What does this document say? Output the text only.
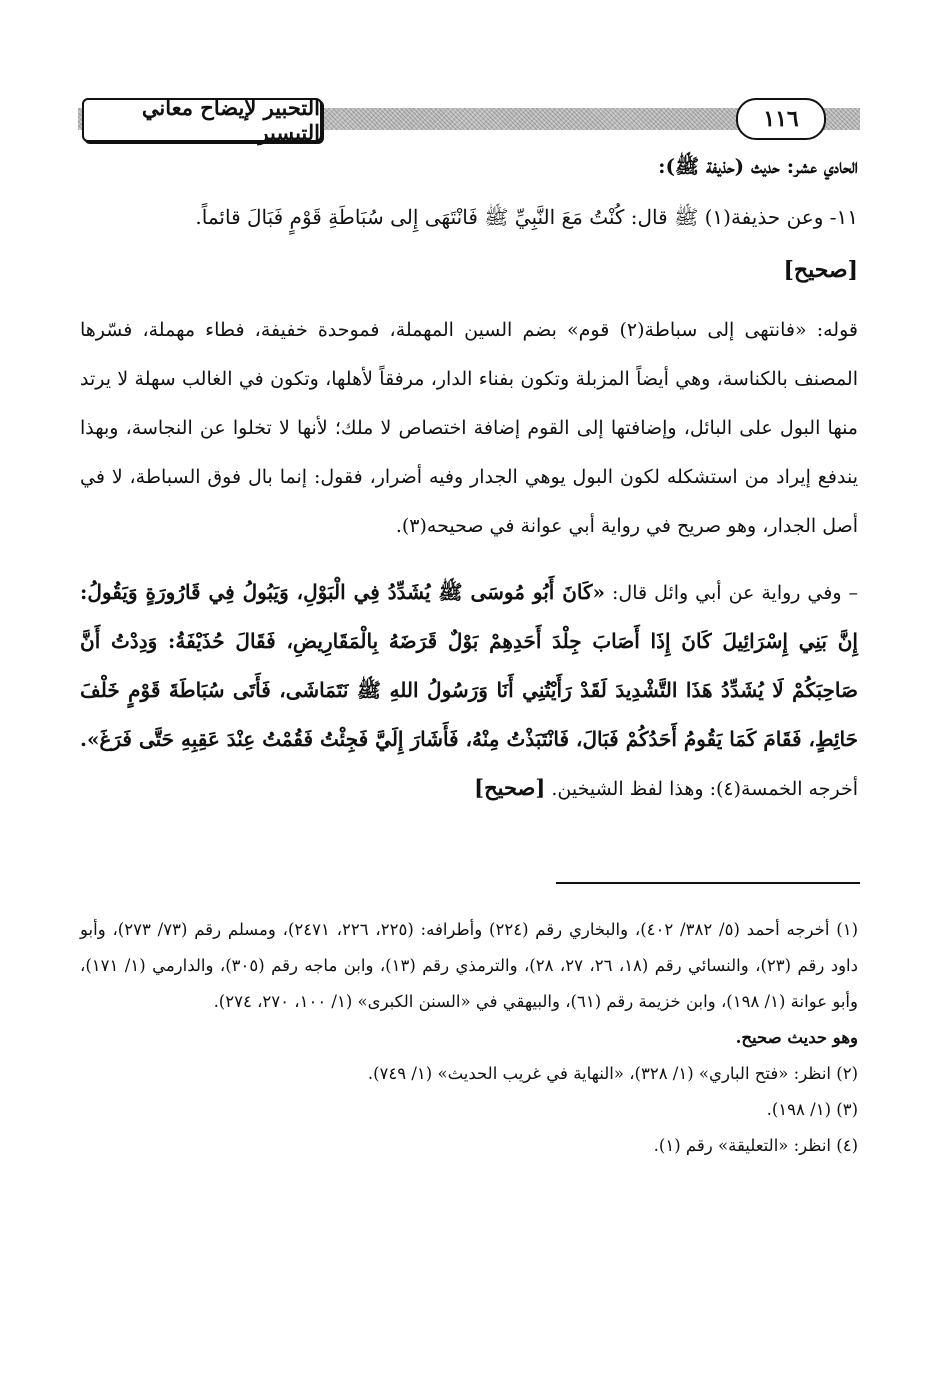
التحبير لإيضاح معاني التيسير
١١٦
الحادي عشر: حديث (حذيفة ﷺ):
١١- وعن حذيفة(١) ﷺ قال: كُنْتُ مَعَ النَّبِيِّ ﷺ فَانْتَهَى إِلى سُبَاطَةِ قَوْمٍ فَبَالَ قائماً.
[صحيح]
قوله: «فانتهى إلى سباطة(٢) قوم» بضم السين المهملة، فموحدة خفيفة، فطاء مهملة، فسّرها المصنف بالكناسة، وهي أيضاً المزبلة وتكون بفناء الدار، مرفقاً لأهلها، وتكون في الغالب سهلة لا يرتد منها البول على البائل، وإضافتها إلى القوم إضافة اختصاص لا ملك؛ لأنها لا تخلوا عن النجاسة، وبهذا يندفع إيراد من استشكله لكون البول يوهي الجدار وفيه أضرار، فقول: إنما بال فوق السباطة، لا في أصل الجدار، وهو صريح في رواية أبي عوانة في صحيحه(٣).
– وفي رواية عن أبي وائل قال: «كَانَ أَبُو مُوسَى ﷺ يُشَدِّدُ فِي الْبَوْلِ، وَيَبُولُ فِي قَارُورَةٍ وَيَقُولُ: إِنَّ بَنِي إِسْرَائِيلَ كَانَ إِذَا أَصَابَ جِلْدَ أَحَدِهِمْ بَوْلٌ قَرَضَهُ بِالْمَقَارِيضِ، فَقَالَ حُذَيْفَةُ: وَدِدْتُ أَنَّ صَاحِبَكُمْ لَا يُشَدِّدُ هَذَا التَّشْدِيدَ لَقَدْ رَأَيْتُنِي أَنَا وَرَسُولُ اللهِ ﷺ نَتَمَاشَى، فَأَتَى سُبَاطَةَ قَوْمٍ خَلْفَ حَائِطٍ، فَقَامَ كَمَا يَقُومُ أَحَدُكُمْ فَبَالَ، فَانْتَبَذْتُ مِنْهُ، فَأَشَارَ إِلَيَّ فَجِئْتُ فَقُمْتُ عِنْدَ عَقِبِهِ حَتَّى فَرَغَ». أخرجه الخمسة(٤): وهذا لفظ الشيخين. [صحيح]

(١) أخرجه أحمد (٥/ ٣٨٢/ ٤٠٢)، والبخاري رقم (٢٢٤) وأطرافه: (٢٢٥، ٢٢٦، ٢٤٧١)، ومسلم رقم (٧٣/ ٢٧٣)، وأبو داود رقم (٢٣)، والنسائي رقم (١٨، ٢٦، ٢٧، ٢٨)، والترمذي رقم (١٣)، وابن ماجه رقم (٣٠٥)، والدارمي (١/ ١٧١)، وأبو عوانة (١/ ١٩٨)، وابن خزيمة رقم (٦١)، والبيهقي في «السنن الكبرى» (١/ ١٠٠، ٢٧٠، ٢٧٤).

وهو حديث صحيح.

(٢) انظر: «فتح الباري» (١/ ٣٢٨)، «النهاية في غريب الحديث» (١/ ٧٤٩).

(٣) (١/ ١٩٨).

(٤) انظر: «التعليقة» رقم (١).
